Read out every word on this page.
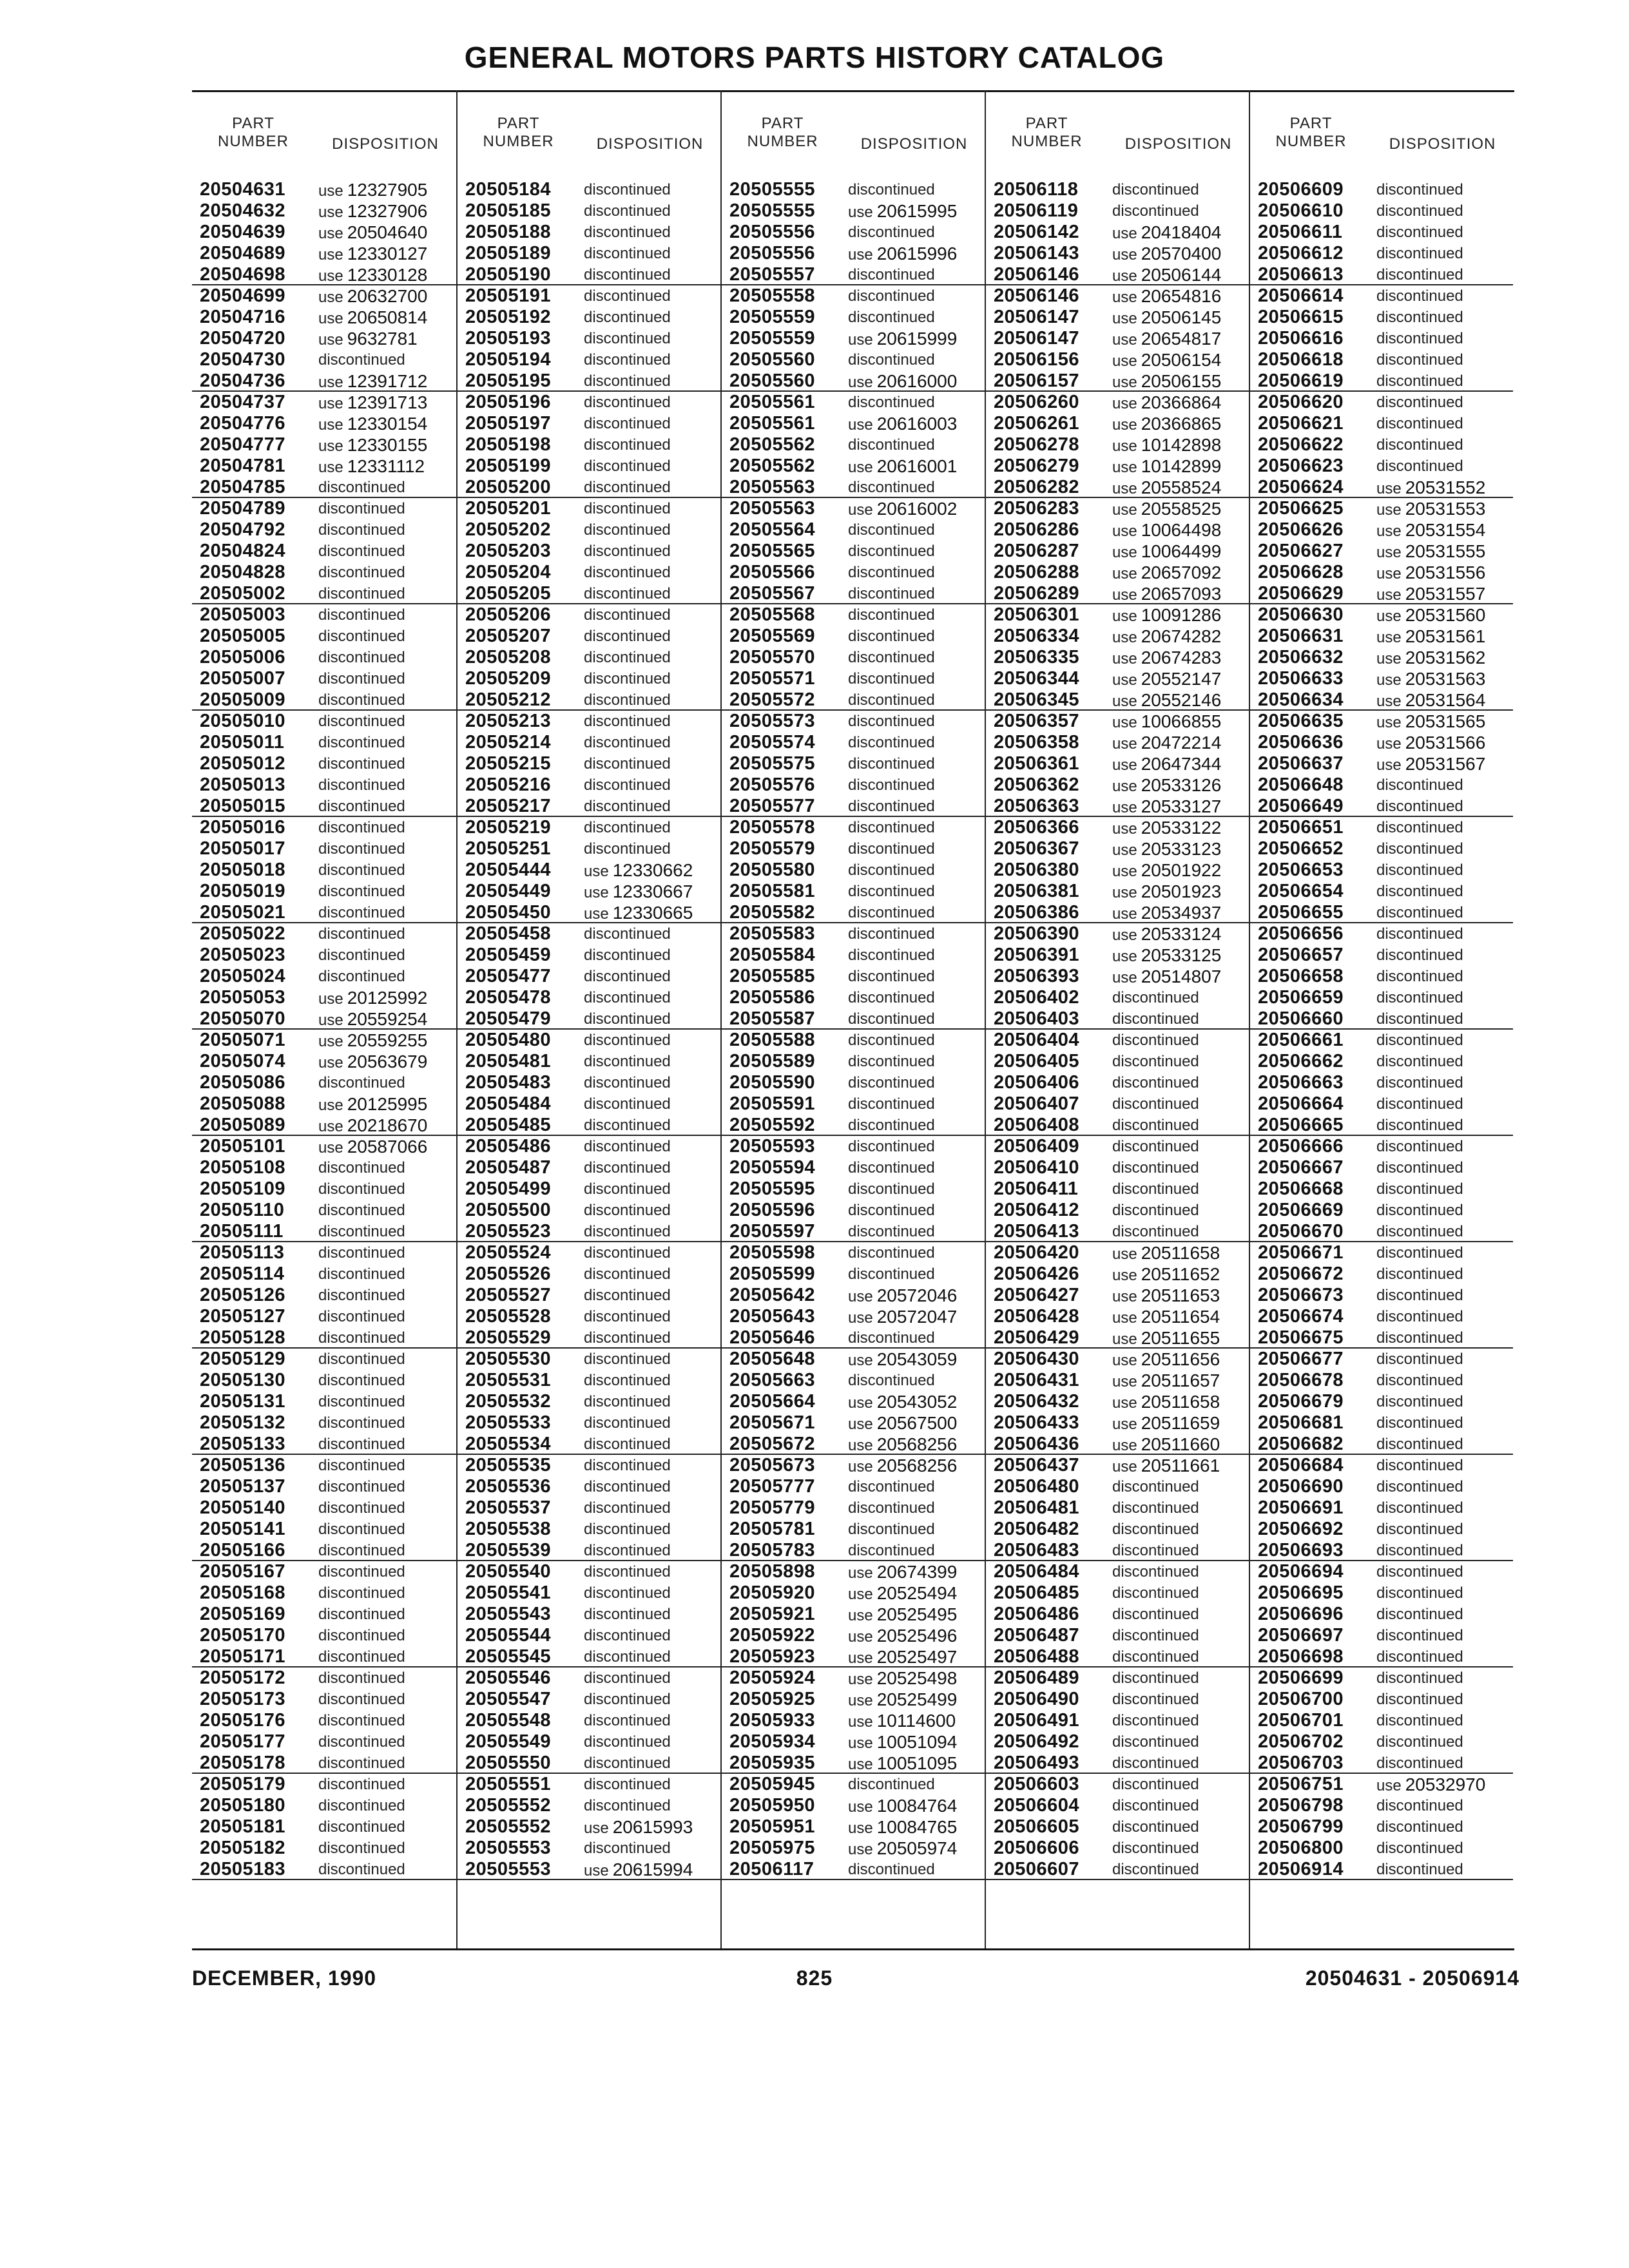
GENERAL MOTORS PARTS HISTORY CATALOG
PART
NUMBER	DISPOSITION
20504631	use 12327905
20504632	use 12327906
20504639	use 20504640
20504689	use 12330127
20504698	use 12330128
20504699	use 20632700
20504716	use 20650814
20504720	use 9632781
20504730	discontinued
20504736	use 12391712
20504737	use 12391713
20504776	use 12330154
20504777	use 12330155
20504781	use 12331112
20504785	discontinued
20504789	discontinued
20504792	discontinued
20504824	discontinued
20504828	discontinued
20505002	discontinued
20505003	discontinued
20505005	discontinued
20505006	discontinued
20505007	discontinued
20505009	discontinued
20505010	discontinued
20505011	discontinued
20505012	discontinued
20505013	discontinued
20505015	discontinued
20505016	discontinued
20505017	discontinued
20505018	discontinued
20505019	discontinued
20505021	discontinued
20505022	discontinued
20505023	discontinued
20505024	discontinued
20505053	use 20125992
20505070	use 20559254
20505071	use 20559255
20505074	use 20563679
20505086	discontinued
20505088	use 20125995
20505089	use 20218670
20505101	use 20587066
20505108	discontinued
20505109	discontinued
20505110	discontinued
20505111	discontinued
20505113	discontinued
20505114	discontinued
20505126	discontinued
20505127	discontinued
20505128	discontinued
20505129	discontinued
20505130	discontinued
20505131	discontinued
20505132	discontinued
20505133	discontinued
20505136	discontinued
20505137	discontinued
20505140	discontinued
20505141	discontinued
20505166	discontinued
20505167	discontinued
20505168	discontinued
20505169	discontinued
20505170	discontinued
20505171	discontinued
20505172	discontinued
20505173	discontinued
20505176	discontinued
20505177	discontinued
20505178	discontinued
20505179	discontinued
20505180	discontinued
20505181	discontinued
20505182	discontinued
20505183	discontinued
PART
NUMBER	DISPOSITION
20505184	discontinued
20505185	discontinued
20505188	discontinued
20505189	discontinued
20505190	discontinued
20505191	discontinued
20505192	discontinued
20505193	discontinued
20505194	discontinued
20505195	discontinued
20505196	discontinued
20505197	discontinued
20505198	discontinued
20505199	discontinued
20505200	discontinued
20505201	discontinued
20505202	discontinued
20505203	discontinued
20505204	discontinued
20505205	discontinued
20505206	discontinued
20505207	discontinued
20505208	discontinued
20505209	discontinued
20505212	discontinued
20505213	discontinued
20505214	discontinued
20505215	discontinued
20505216	discontinued
20505217	discontinued
20505219	discontinued
20505251	discontinued
20505444	use 12330662
20505449	use 12330667
20505450	use 12330665
20505458	discontinued
20505459	discontinued
20505477	discontinued
20505478	discontinued
20505479	discontinued
20505480	discontinued
20505481	discontinued
20505483	discontinued
20505484	discontinued
20505485	discontinued
20505486	discontinued
20505487	discontinued
20505499	discontinued
20505500	discontinued
20505523	discontinued
20505524	discontinued
20505526	discontinued
20505527	discontinued
20505528	discontinued
20505529	discontinued
20505530	discontinued
20505531	discontinued
20505532	discontinued
20505533	discontinued
20505534	discontinued
20505535	discontinued
20505536	discontinued
20505537	discontinued
20505538	discontinued
20505539	discontinued
20505540	discontinued
20505541	discontinued
20505543	discontinued
20505544	discontinued
20505545	discontinued
20505546	discontinued
20505547	discontinued
20505548	discontinued
20505549	discontinued
20505550	discontinued
20505551	discontinued
20505552	discontinued
20505552	use 20615993
20505553	discontinued
20505553	use 20615994
PART
NUMBER	DISPOSITION
20505555	discontinued
20505555	use 20615995
20505556	discontinued
20505556	use 20615996
20505557	discontinued
20505558	discontinued
20505559	discontinued
20505559	use 20615999
20505560	discontinued
20505560	use 20616000
20505561	discontinued
20505561	use 20616003
20505562	discontinued
20505562	use 20616001
20505563	discontinued
20505563	use 20616002
20505564	discontinued
20505565	discontinued
20505566	discontinued
20505567	discontinued
20505568	discontinued
20505569	discontinued
20505570	discontinued
20505571	discontinued
20505572	discontinued
20505573	discontinued
20505574	discontinued
20505575	discontinued
20505576	discontinued
20505577	discontinued
20505578	discontinued
20505579	discontinued
20505580	discontinued
20505581	discontinued
20505582	discontinued
20505583	discontinued
20505584	discontinued
20505585	discontinued
20505586	discontinued
20505587	discontinued
20505588	discontinued
20505589	discontinued
20505590	discontinued
20505591	discontinued
20505592	discontinued
20505593	discontinued
20505594	discontinued
20505595	discontinued
20505596	discontinued
20505597	discontinued
20505598	discontinued
20505599	discontinued
20505642	use 20572046
20505643	use 20572047
20505646	discontinued
20505648	use 20543059
20505663	discontinued
20505664	use 20543052
20505671	use 20567500
20505672	use 20568256
20505673	use 20568256
20505777	discontinued
20505779	discontinued
20505781	discontinued
20505783	discontinued
20505898	use 20674399
20505920	use 20525494
20505921	use 20525495
20505922	use 20525496
20505923	use 20525497
20505924	use 20525498
20505925	use 20525499
20505933	use 10114600
20505934	use 10051094
20505935	use 10051095
20505945	discontinued
20505950	use 10084764
20505951	use 10084765
20505975	use 20505974
20506117	discontinued
PART
NUMBER	DISPOSITION
20506118	discontinued
20506119	discontinued
20506142	use 20418404
20506143	use 20570400
20506146	use 20506144
20506146	use 20654816
20506147	use 20506145
20506147	use 20654817
20506156	use 20506154
20506157	use 20506155
20506260	use 20366864
20506261	use 20366865
20506278	use 10142898
20506279	use 10142899
20506282	use 20558524
20506283	use 20558525
20506286	use 10064498
20506287	use 10064499
20506288	use 20657092
20506289	use 20657093
20506301	use 10091286
20506334	use 20674282
20506335	use 20674283
20506344	use 20552147
20506345	use 20552146
20506357	use 10066855
20506358	use 20472214
20506361	use 20647344
20506362	use 20533126
20506363	use 20533127
20506366	use 20533122
20506367	use 20533123
20506380	use 20501922
20506381	use 20501923
20506386	use 20534937
20506390	use 20533124
20506391	use 20533125
20506393	use 20514807
20506402	discontinued
20506403	discontinued
20506404	discontinued
20506405	discontinued
20506406	discontinued
20506407	discontinued
20506408	discontinued
20506409	discontinued
20506410	discontinued
20506411	discontinued
20506412	discontinued
20506413	discontinued
20506420	use 20511658
20506426	use 20511652
20506427	use 20511653
20506428	use 20511654
20506429	use 20511655
20506430	use 20511656
20506431	use 20511657
20506432	use 20511658
20506433	use 20511659
20506436	use 20511660
20506437	use 20511661
20506480	discontinued
20506481	discontinued
20506482	discontinued
20506483	discontinued
20506484	discontinued
20506485	discontinued
20506486	discontinued
20506487	discontinued
20506488	discontinued
20506489	discontinued
20506490	discontinued
20506491	discontinued
20506492	discontinued
20506493	discontinued
20506603	discontinued
20506604	discontinued
20506605	discontinued
20506606	discontinued
20506607	discontinued
PART
NUMBER	DISPOSITION
20506609	discontinued
20506610	discontinued
20506611	discontinued
20506612	discontinued
20506613	discontinued
20506614	discontinued
20506615	discontinued
20506616	discontinued
20506618	discontinued
20506619	discontinued
20506620	discontinued
20506621	discontinued
20506622	discontinued
20506623	discontinued
20506624	use 20531552
20506625	use 20531553
20506626	use 20531554
20506627	use 20531555
20506628	use 20531556
20506629	use 20531557
20506630	use 20531560
20506631	use 20531561
20506632	use 20531562
20506633	use 20531563
20506634	use 20531564
20506635	use 20531565
20506636	use 20531566
20506637	use 20531567
20506648	discontinued
20506649	discontinued
20506651	discontinued
20506652	discontinued
20506653	discontinued
20506654	discontinued
20506655	discontinued
20506656	discontinued
20506657	discontinued
20506658	discontinued
20506659	discontinued
20506660	discontinued
20506661	discontinued
20506662	discontinued
20506663	discontinued
20506664	discontinued
20506665	discontinued
20506666	discontinued
20506667	discontinued
20506668	discontinued
20506669	discontinued
20506670	discontinued
20506671	discontinued
20506672	discontinued
20506673	discontinued
20506674	discontinued
20506675	discontinued
20506677	discontinued
20506678	discontinued
20506679	discontinued
20506681	discontinued
20506682	discontinued
20506684	discontinued
20506690	discontinued
20506691	discontinued
20506692	discontinued
20506693	discontinued
20506694	discontinued
20506695	discontinued
20506696	discontinued
20506697	discontinued
20506698	discontinued
20506699	discontinued
20506700	discontinued
20506701	discontinued
20506702	discontinued
20506703	discontinued
20506751	use 20532970
20506798	discontinued
20506799	discontinued
20506800	discontinued
20506914	discontinued
DECEMBER, 1990	825	20504631 - 20506914
